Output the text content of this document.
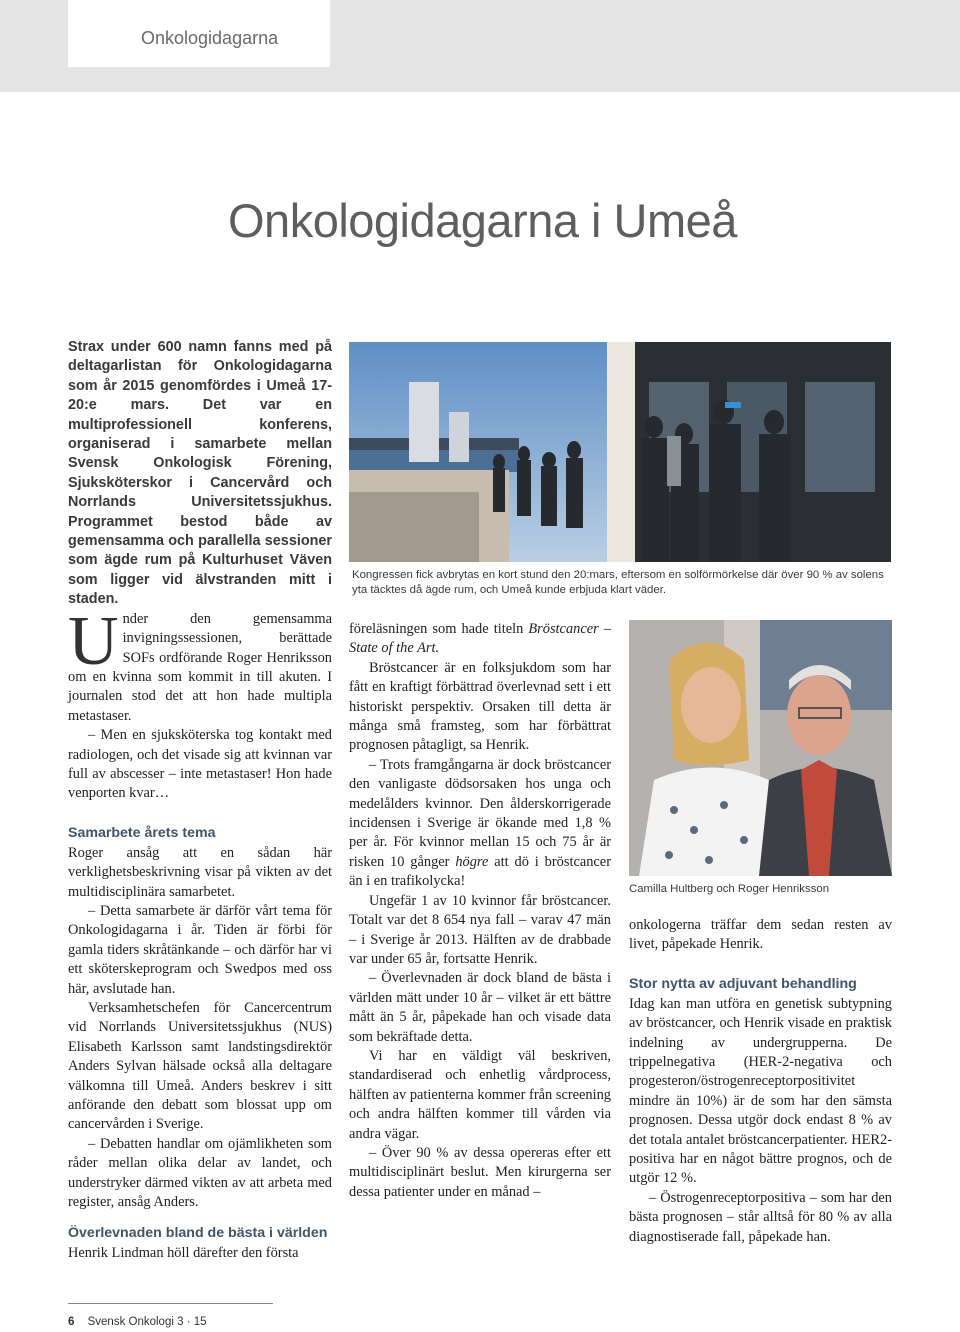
Onkologidagarna
Onkologidagarna i Umeå

Strax under 600 namn fanns med på deltagarlistan för Onkologidagarna som år 2015 genomfördes i Umeå 17-20:e mars. Det var en multiprofessionell konferens, organiserad i samarbete mellan Svensk Onkologisk Förening, Sjuksköterskor i Cancervård och Norrlands Universitetssjukhus. Programmet bestod både av gemensamma och parallella sessioner som ägde rum på Kulturhuset Väven som ligger vid älvstranden mitt i staden.

Under den gemensamma invigningssessionen, berättade SOFs ordförande Roger Henriksson om en kvinna som kommit in till akuten. I journalen stod det att hon hade multipla metastaser.

– Men en sjuksköterska tog kontakt med radiologen, och det visade sig att kvinnan var full av abscesser – inte metastaser! Hon hade venporten kvar…

Samarbete årets tema

Roger ansåg att en sådan här verklighetsbeskrivning visar på vikten av det multidisciplinära samarbetet.

– Detta samarbete är därför vårt tema för Onkologidagarna i år. Tiden är förbi för gamla tiders skråtänkande – och därför har vi ett sköterskeprogram och Swedpos med oss här, avslutade han.

Verksamhetschefen för Cancercentrum vid Norrlands Universitetssjukhus (NUS) Elisabeth Karlsson samt landstingsdirektör Anders Sylvan hälsade också alla deltagare välkomna till Umeå. Anders beskrev i sitt anförande den debatt som blossat upp om cancervården i Sverige.

– Debatten handlar om ojämlikheten som råder mellan olika delar av landet, och understryker därmed vikten av att arbeta med register, ansåg Anders.

Överlevnaden bland de bästa i världen

Henrik Lindman höll därefter den första

Kongressen fick avbrytas en kort stund den 20:mars, eftersom en solförmörkelse där över 90 % av solens yta täcktes då ägde rum, och Umeå kunde erbjuda klart väder.

föreläsningen som hade titeln Bröstcancer – State of the Art.

Bröstcancer är en folksjukdom som har fått en kraftigt förbättrad överlevnad sett i ett historiskt perspektiv. Orsaken till detta är många små framsteg, som har förbättrat prognosen påtagligt, sa Henrik.

– Trots framgångarna är dock bröstcancer den vanligaste dödsorsaken hos unga och medelålders kvinnor. Den ålderskorrigerade incidensen i Sverige är ökande med 1,8 % per år. För kvinnor mellan 15 och 75 år är risken 10 gånger högre att dö i bröstcancer än i en trafikolycka!

Ungefär 1 av 10 kvinnor får bröstcancer. Totalt var det 8 654 nya fall – varav 47 män – i Sverige år 2013. Hälften av de drabbade var under 65 år, fortsatte Henrik.

– Överlevnaden är dock bland de bästa i världen mätt under 10 år – vilket är ett bättre mått än 5 år, påpekade han och visade data som bekräftade detta.

Vi har en väldigt väl beskriven, standardiserad och enhetlig vårdprocess, hälften av patienterna kommer från screening och andra hälften kommer till vården via andra vägar.

– Över 90 % av dessa opereras efter ett multidisciplinärt beslut. Men kirurgerna ser dessa patienter under en månad –

Camilla Hultberg och Roger Henriksson

onkologerna träffar dem sedan resten av livet, påpekade Henrik.

Stor nytta av adjuvant behandling

Idag kan man utföra en genetisk subtypning av bröstcancer, och Henrik visade en praktisk indelning av undergrupperna. De trippelnegativa (HER-2-negativa och progesteron/östrogenreceptorpositivitet mindre än 10%) är de som har den sämsta prognosen. Dessa utgör dock endast 8 % av det totala antalet bröstcancerpatienter. HER2-positiva har en något bättre prognos, och de utgör 12 %.

– Östrogenreceptorpositiva – som har den bästa prognosen – står alltså för 80 % av alla diagnostiserade fall, påpekade han.

6 Svensk Onkologi 3 · 15
